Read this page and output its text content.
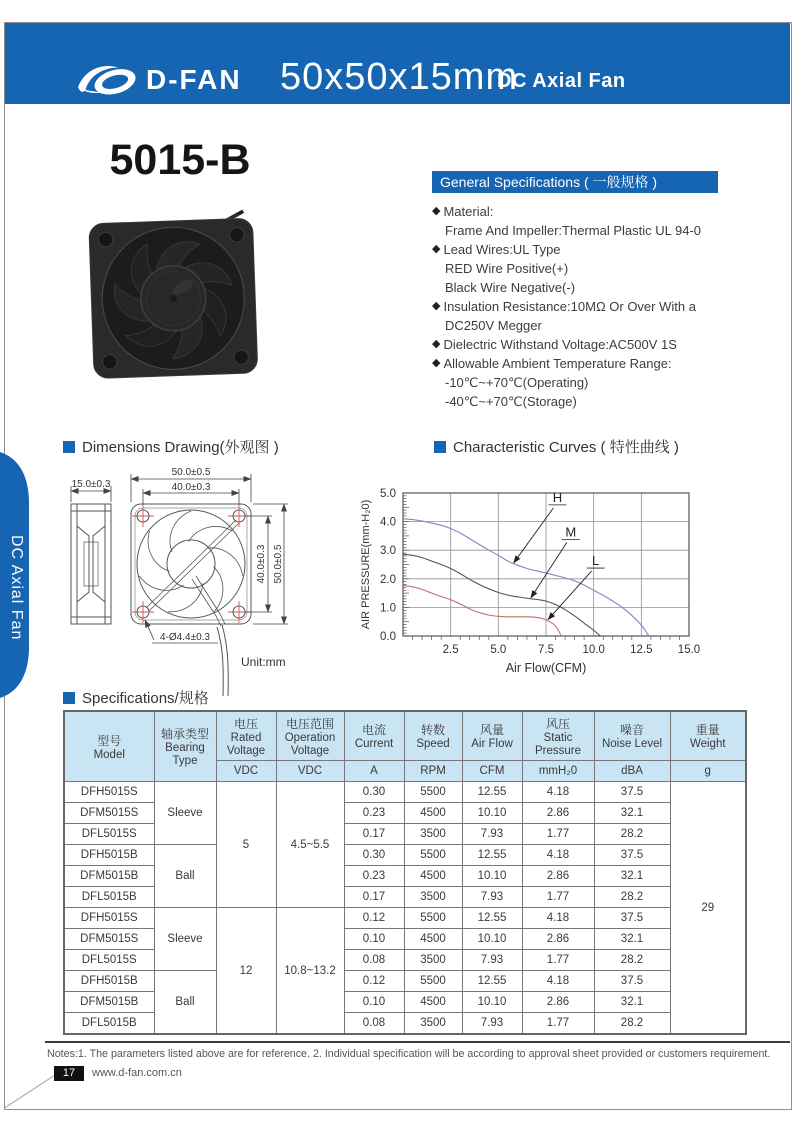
D-FAN 50x50x15mm
DC Axial Fan
DC Axial Fan
5015-B	General Specifications ( 一般规格 )
◆ Material:
Frame And Impeller:Thermal Plastic UL 94-0
◆ Lead Wires:UL Type
RED Wire Positive(+)
Black Wire Negative(-)
◆ Insulation Resistance:10MΩ Or Over With a
DC250V Megger
◆ Dielectric Withstand Voltage:AC500V 1S
◆ Allowable Ambient Temperature Range:
-10℃~+70℃(Operating)
-40℃~+70℃(Storage)
Dimensions Drawing(外观图 )	Characteristic Curves ( 特性曲线 )
Specifications/规格
15.0±0.3
50.0±0.5
40.0±0.3
40.0±0.3 50.0±0.5
4-Ø4.4±0.3
Unit:mm
0.0
1.0
2.0
3.0
4.0
5.0
2.5	5.0	7.5 10.0 12.5 15.0
Air Flow(CFM)
AIR PRESSURE(mm-H₂0)
H
M
L
型号
Model

轴承类型
Bearing Type

电压
Rated Voltage

电压范围
Operation Voltage

电流
Current

转数
Speed

风量
Air Flow

风压
Static Pressure

噪音
Noise Level

重量
Weight

		VDC	VDC	A	RPM	CFM	mmH₂0	dBA	g
DFH5015S	Sleeve	5	4.5~5.5	0.30	5500	12.55	4.18	37.5	29
DFM5015S				0.23	4500	10.10	2.86	32.1	
DFL5015S				0.17	3500	7.93	1.77	28.2	
DFH5015B	Ball			0.30	5500	12.55	4.18	37.5	
DFM5015B				0.23	4500	10.10	2.86	32.1	
DFL5015B				0.17	3500	7.93	1.77	28.2	
DFH5015S	Sleeve	12	10.8~13.2	0.12	5500	12.55	4.18	37.5	
DFM5015S				0.10	4500	10.10	2.86	32.1	
DFL5015S				0.08	3500	7.93	1.77	28.2	
DFH5015B	Ball			0.12	5500	12.55	4.18	37.5	
DFM5015B				0.10	4500	10.10	2.86	32.1	
DFL5015B				0.08	3500	7.93	1.77	28.2	
Notes:1. The parameters listed above are for reference. 2. Individual specification will be according to approval sheet provided or customers requirement.
17	www.d-fan.com.cn
